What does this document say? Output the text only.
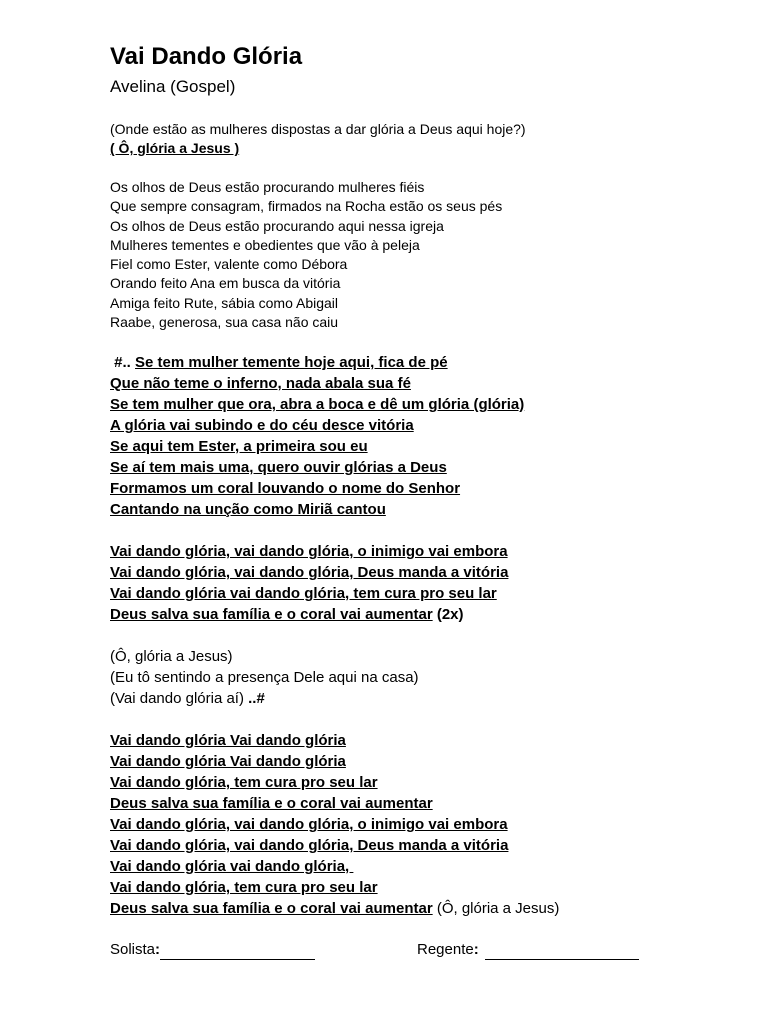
Vai Dando Glória
Avelina (Gospel)
(Onde estão as mulheres dispostas a dar glória a Deus aqui hoje?)
( Ô, glória a Jesus )
Os olhos de Deus estão procurando mulheres fiéis
Que sempre consagram, firmados na Rocha estão os seus pés
Os olhos de Deus estão procurando aqui nessa igreja
Mulheres tementes e obedientes que vão à peleja
Fiel como Ester, valente como Débora
Orando feito Ana em busca da vitória
Amiga feito Rute, sábia como Abigail
Raabe, generosa, sua casa não caiu
#.. Se tem mulher temente hoje aqui, fica de pé
Que não teme o inferno, nada abala sua fé
Se tem mulher que ora, abra a boca e dê um glória (glória)
A glória vai subindo e do céu desce vitória
Se aqui tem Ester, a primeira sou eu
Se aí tem mais uma, quero ouvir glórias a Deus
Formamos um coral louvando o nome do Senhor
Cantando na unção como Miriã cantou
Vai dando glória, vai dando glória, o inimigo vai embora
Vai dando glória, vai dando glória, Deus manda a vitória
Vai dando glória vai dando glória, tem cura pro seu lar
Deus salva sua família e o coral vai aumentar (2x)
(Ô, glória a Jesus)
(Eu tô sentindo a presença Dele aqui na casa)
(Vai dando glória aí) ..#
Vai dando glória Vai dando glória
Vai dando glória Vai dando glória
Vai dando glória, tem cura pro seu lar
Deus salva sua família e o coral vai aumentar
Vai dando glória, vai dando glória, o inimigo vai embora
Vai dando glória, vai dando glória, Deus manda a vitória
Vai dando glória vai dando glória,
Vai dando glória, tem cura pro seu lar
Deus salva sua família e o coral vai aumentar (Ô, glória a Jesus)
Solista:	Regente:
